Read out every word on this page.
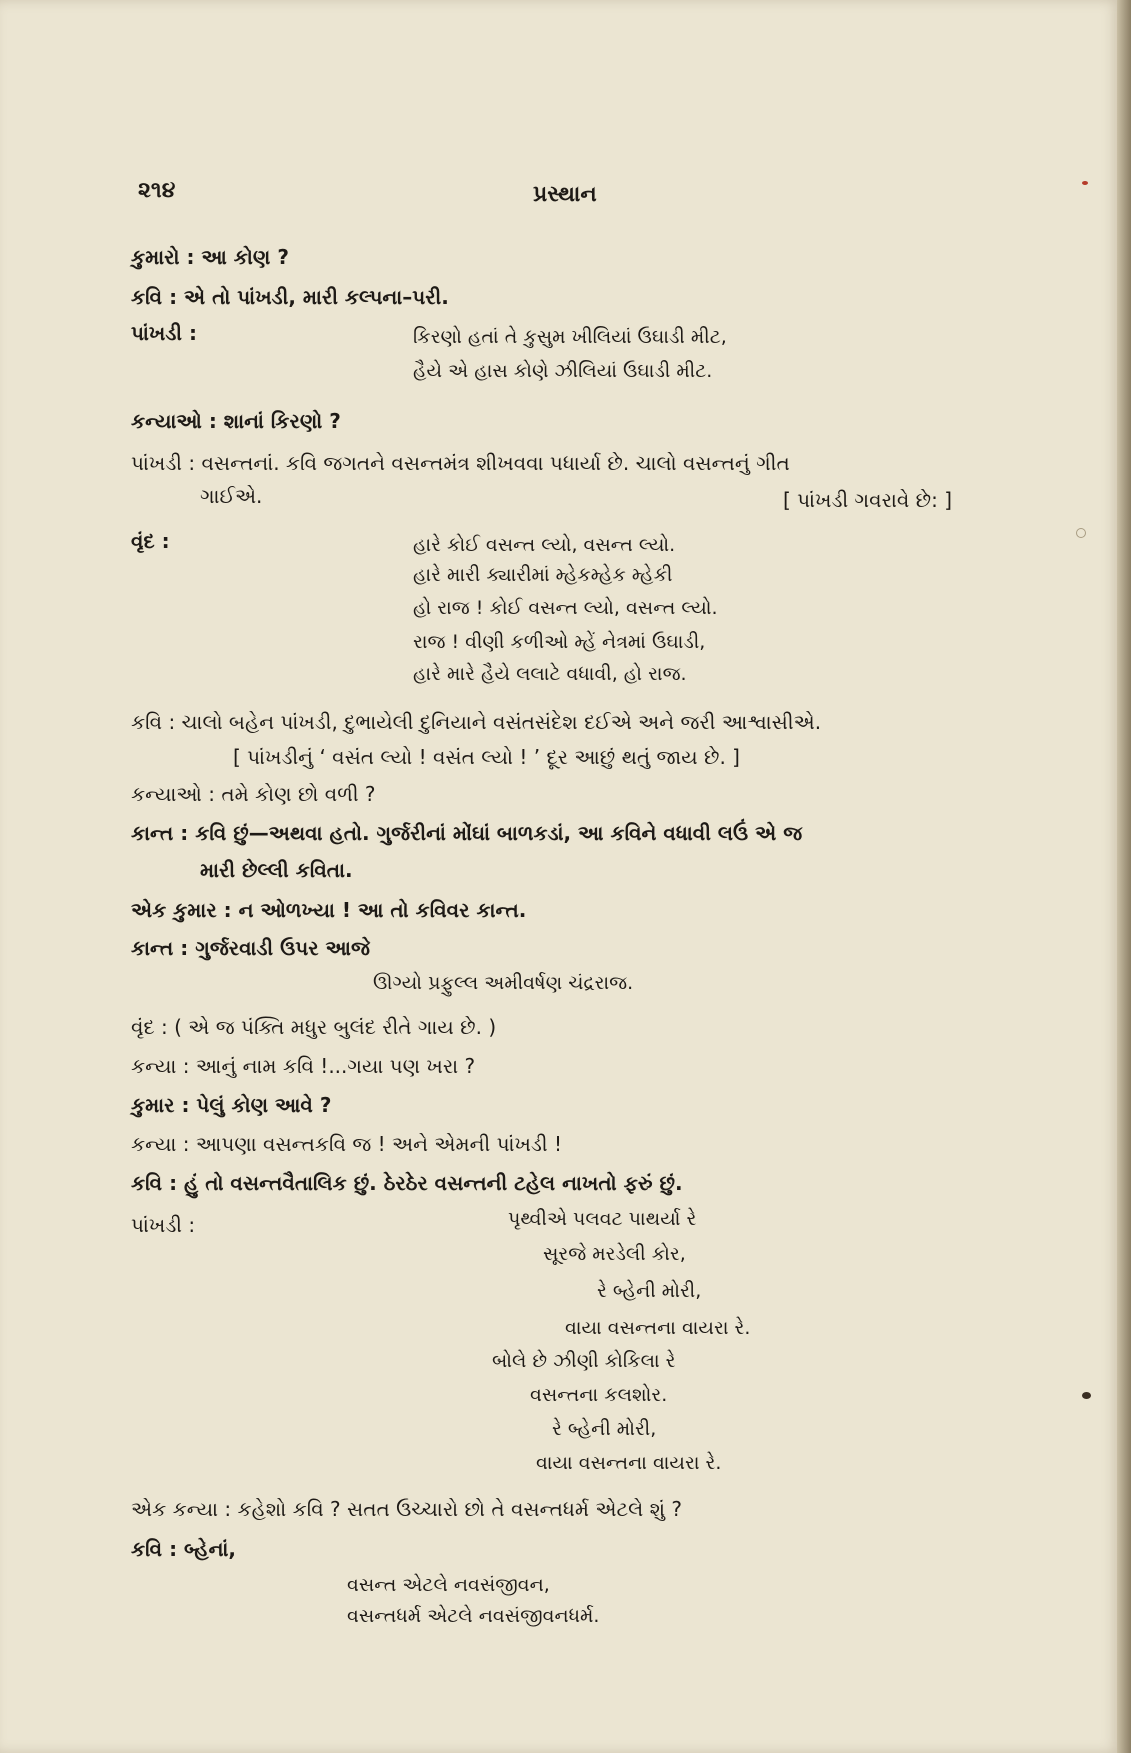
૨૧૪	પ્રસ્થાન
કુમારો : આ કોણ ?
કવિ : એ તો પાંખડી, મારી કલ્પના–પરી.
પાંખડી :	કિરણો હતાં તે કુસુમ ખીલિયાં ઉઘાડી મીટ,
હૈયે એ હાસ કોણે ઝીલિયાં ઉઘાડી મીટ.
કન્યાઓ : શાનાં કિરણો ?
પાંખડી : વસન્તનાં. કવિ જગતને વસન્તમંત્ર શીખવવા પધાર્યા છે. ચાલો વસન્તનું ગીત
ગાઈએ.	[ પાંખડી ગવરાવે છે: ]
વૃંદ :	હારે કોઈ વસન્ત લ્યો, વસન્ત લ્યો.
હારે મારી ક્યારીમાં મ્હેકમ્હેક મ્હેકી
હો રાજ ! કોઈ વસન્ત લ્યો, વસન્ત લ્યો.
રાજ ! વીણી કળીઓ મ્હેં નેત્રમાં ઉઘાડી,
હારે મારે હૈયે લલાટે વધાવી, હો રાજ.
કવિ : ચાલો બહેન પાંખડી, દુભાયેલી દુનિયાને વસંતસંદેશ દઈએ અને જરી આશ્વાસીએ.
[ પાંખડીનું ‘ વસંત લ્યો ! વસંત લ્યો ! ’ દૂર આછું થતું જાય છે. ]
કન્યાઓ : તમે કોણ છો વળી ?
કાન્ત : કવિ છું—અથવા હતો. ગુર્જરીનાં મોંઘાં બાળકડાં, આ કવિને વધાવી લઉં એ જ
મારી છેલ્લી કવિતા.
એક કુમાર : ન ઓળખ્યા ! આ તો કવિવર કાન્ત.
કાન્ત : ગુર્જરવાડી ઉપર આજે
ઊગ્યો પ્રફુલ્લ અમીવર્ષણ ચંદ્રરાજ.
વૃંદ : ( એ જ પંક્તિ મધુર બુલંદ રીતે ગાય છે. )
કન્યા : આનું નામ કવિ !...ગયા પણ ખરા ?
કુમાર : પેલું કોણ આવે ?
કન્યા : આપણા વસન્તકવિ જ ! અને એમની પાંખડી !
કવિ : હું તો વસન્તવૈતાલિક છું. ઠેરઠેર વસન્તની ટહેલ નાખતો ફરું છું.
પાંખડી :	પૃથ્વીએ પલવટ પાથર્યા રે
સૂરજે મરડેલી કોર,
રે બ્હેની મોરી,
વાયા વસન્તના વાયરા રે.
બોલે છે ઝીણી કોકિલા રે
વસન્તના કલશોર.
રે બ્હેની મોરી,
વાયા વસન્તના વાયરા રે.
એક કન્યા : કહેશો કવિ ? સતત ઉચ્ચારો છો તે વસન્તધર્મ એટલે શું ?
કવિ : બ્હેનાં,
વસન્ત એટલે નવસંજીવન,
વસન્તધર્મ એટલે નવસંજીવનધર્મ.
